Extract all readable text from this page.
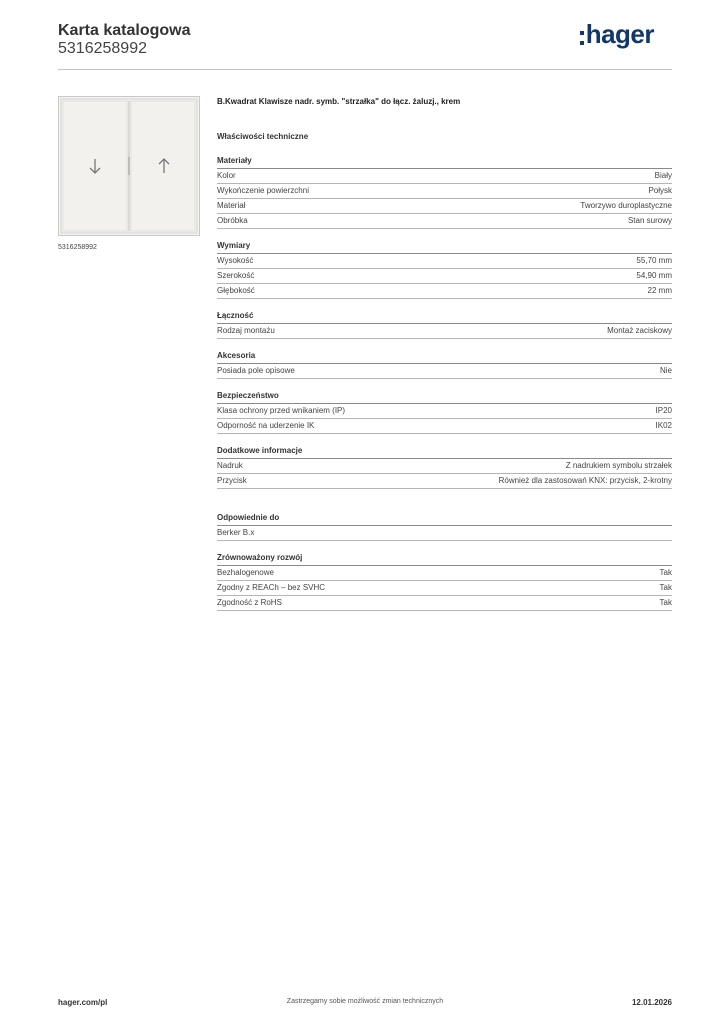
Karta katalogowa
5316258992	hager
5316258992
B.Kwadrat Klawisze nadr. symb. "strzałka" do łącz. żaluzj., krem
Właściwości techniczne
Materiały
Kolor	Biały
Wykończenie powierzchni	Połysk
Materiał	Tworzywo duroplastyczne
Obróbka	Stan surowy
Wymiary
Wysokość	55,70 mm
Szerokość	54,90 mm
Głębokość	22 mm
Łączność
Rodzaj montażu	Montaż zaciskowy
Akcesoria
Posiada pole opisowe	Nie
Bezpieczeństwo
Klasa ochrony przed wnikaniem (IP)	IP20
Odporność na uderzenie IK	IK02
Dodatkowe informacje
Nadruk	Z nadrukiem symbolu strzałek
Przycisk	Również dla zastosowań KNX: przycisk, 2-krotny
Odpowiednie do
Berker B.x
Zrównoważony rozwój
Bezhalogenowe	Tak
Zgodny z REACh – bez SVHC	Tak
Zgodność z RoHS	Tak
hager.com/pl	Zastrzegamy sobie możliwość zmian technicznych	12.01.2026
